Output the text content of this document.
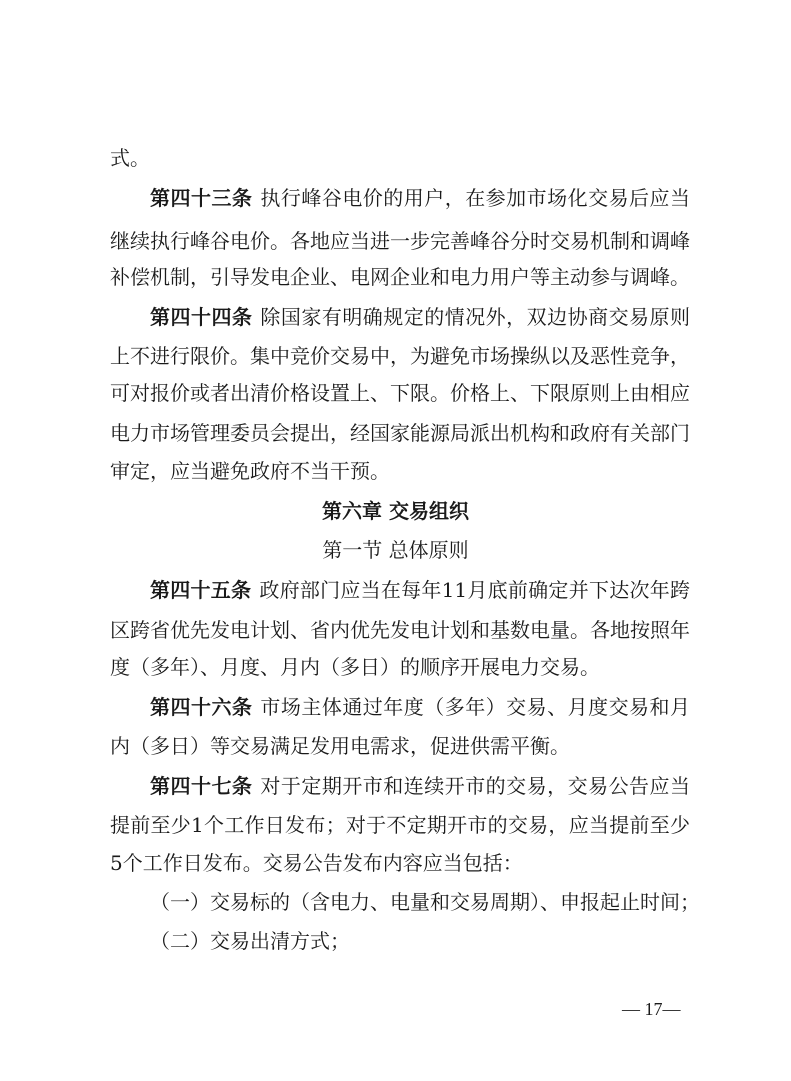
式。
第四十三条 执行峰谷电价的用户，在参加市场化交易后应当
继续执行峰谷电价。各地应当进一步完善峰谷分时交易机制和调峰
补偿机制，引导发电企业、电网企业和电力用户等主动参与调峰。
第四十四条 除国家有明确规定的情况外，双边协商交易原则
上不进行限价。集中竞价交易中，为避免市场操纵以及恶性竞争，
可对报价或者出清价格设置上、下限。价格上、下限原则上由相应
电力市场管理委员会提出，经国家能源局派出机构和政府有关部门
审定，应当避免政府不当干预。
第六章 交易组织
第一节 总体原则
第四十五条 政府部门应当在每年11月底前确定并下达次年跨
区跨省优先发电计划、省内优先发电计划和基数电量。各地按照年
度（多年）、月度、月内（多日）的顺序开展电力交易。
第四十六条 市场主体通过年度（多年）交易、月度交易和月
内（多日）等交易满足发用电需求，促进供需平衡。
第四十七条 对于定期开市和连续开市的交易，交易公告应当
提前至少1个工作日发布；对于不定期开市的交易，应当提前至少
5个工作日发布。交易公告发布内容应当包括：
（一）交易标的（含电力、电量和交易周期）、申报起止时间；
（二）交易出清方式；
— 17—
